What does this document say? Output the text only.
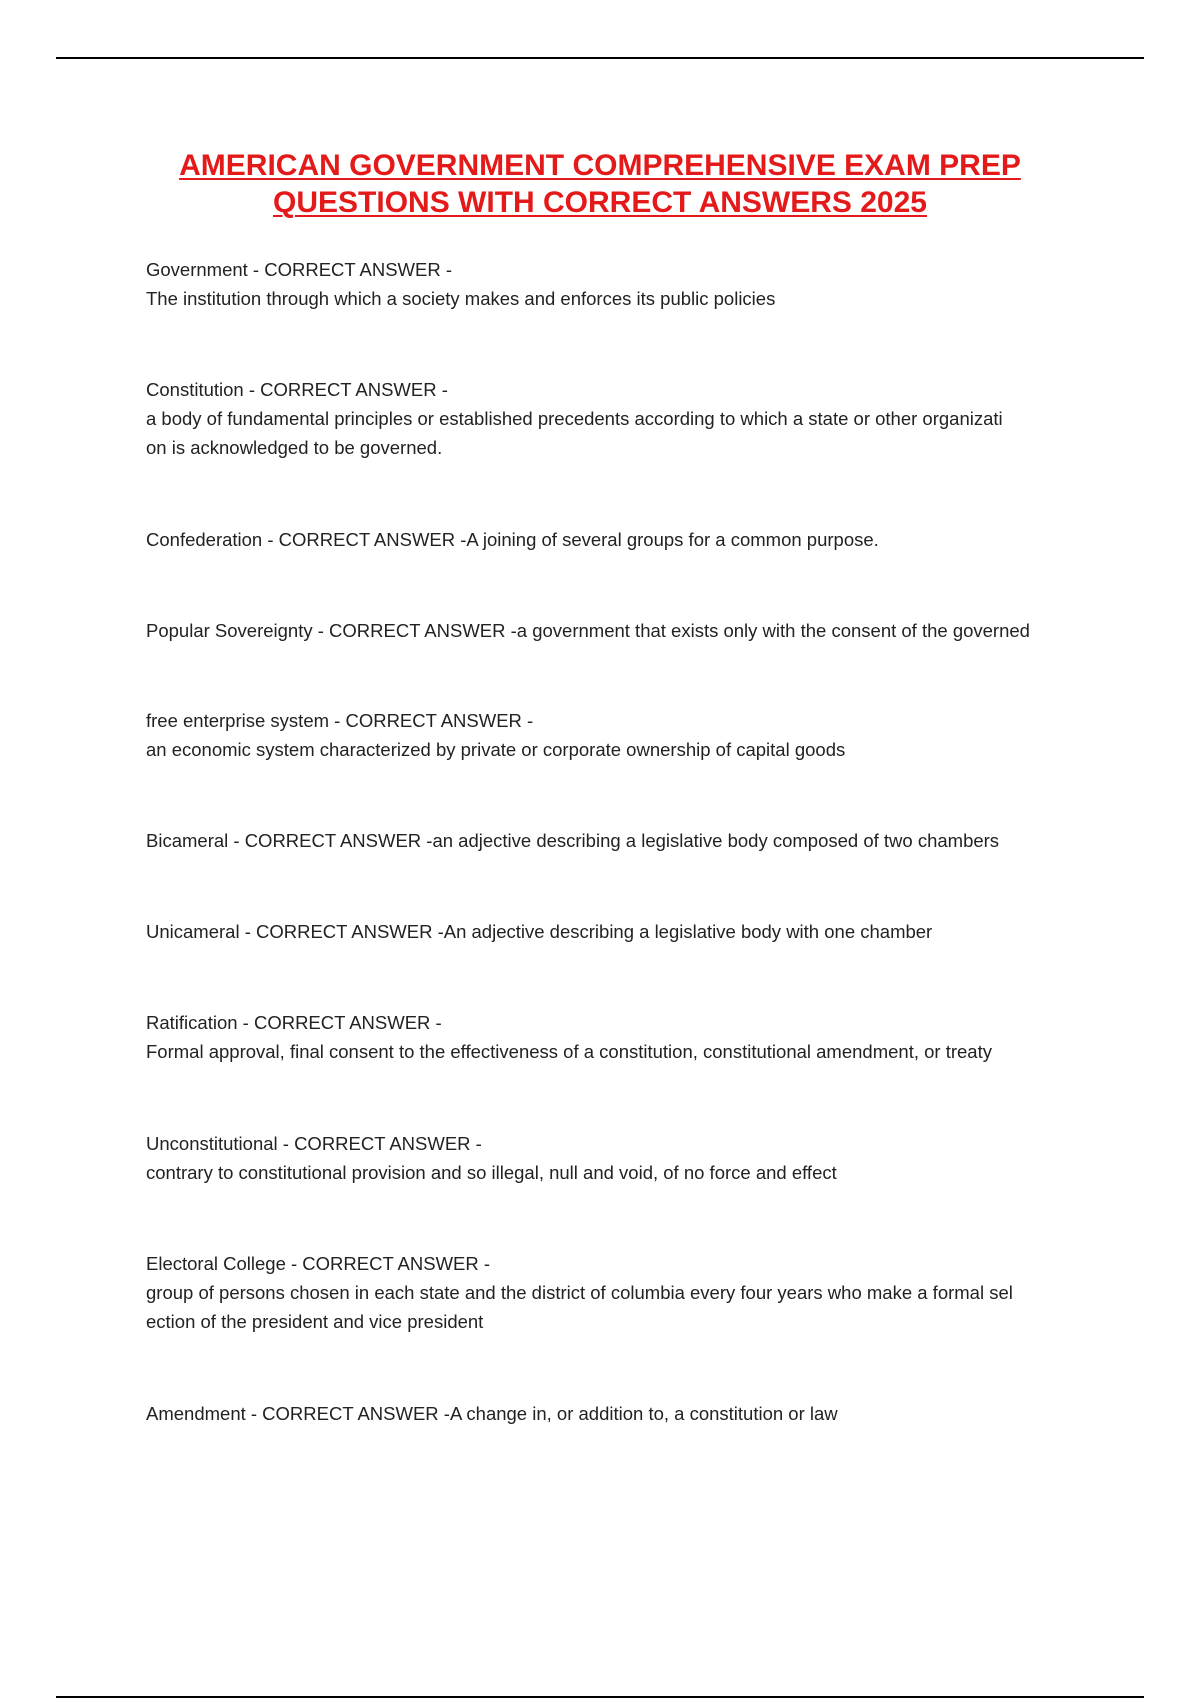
AMERICAN GOVERNMENT COMPREHENSIVE EXAM PREP
QUESTIONS WITH CORRECT ANSWERS 2025
Government - CORRECT ANSWER -
The institution through which a society makes and enforces its public policies
Constitution - CORRECT ANSWER -
a body of fundamental principles or established precedents according to which a state or other organizati
on is acknowledged to be governed.
Confederation - CORRECT ANSWER -A joining of several groups for a common purpose.
Popular Sovereignty - CORRECT ANSWER -a government that exists only with the consent of the governed
free enterprise system - CORRECT ANSWER -
an economic system characterized by private or corporate ownership of capital goods
Bicameral - CORRECT ANSWER -an adjective describing a legislative body composed of two chambers
Unicameral - CORRECT ANSWER -An adjective describing a legislative body with one chamber
Ratification - CORRECT ANSWER -
Formal approval, final consent to the effectiveness of a constitution, constitutional amendment, or treaty
Unconstitutional - CORRECT ANSWER -
contrary to constitutional provision and so illegal, null and void, of no force and effect
Electoral College - CORRECT ANSWER -
group of persons chosen in each state and the district of columbia every four years who make a formal sel
ection of the president and vice president
Amendment - CORRECT ANSWER -A change in, or addition to, a constitution or law
